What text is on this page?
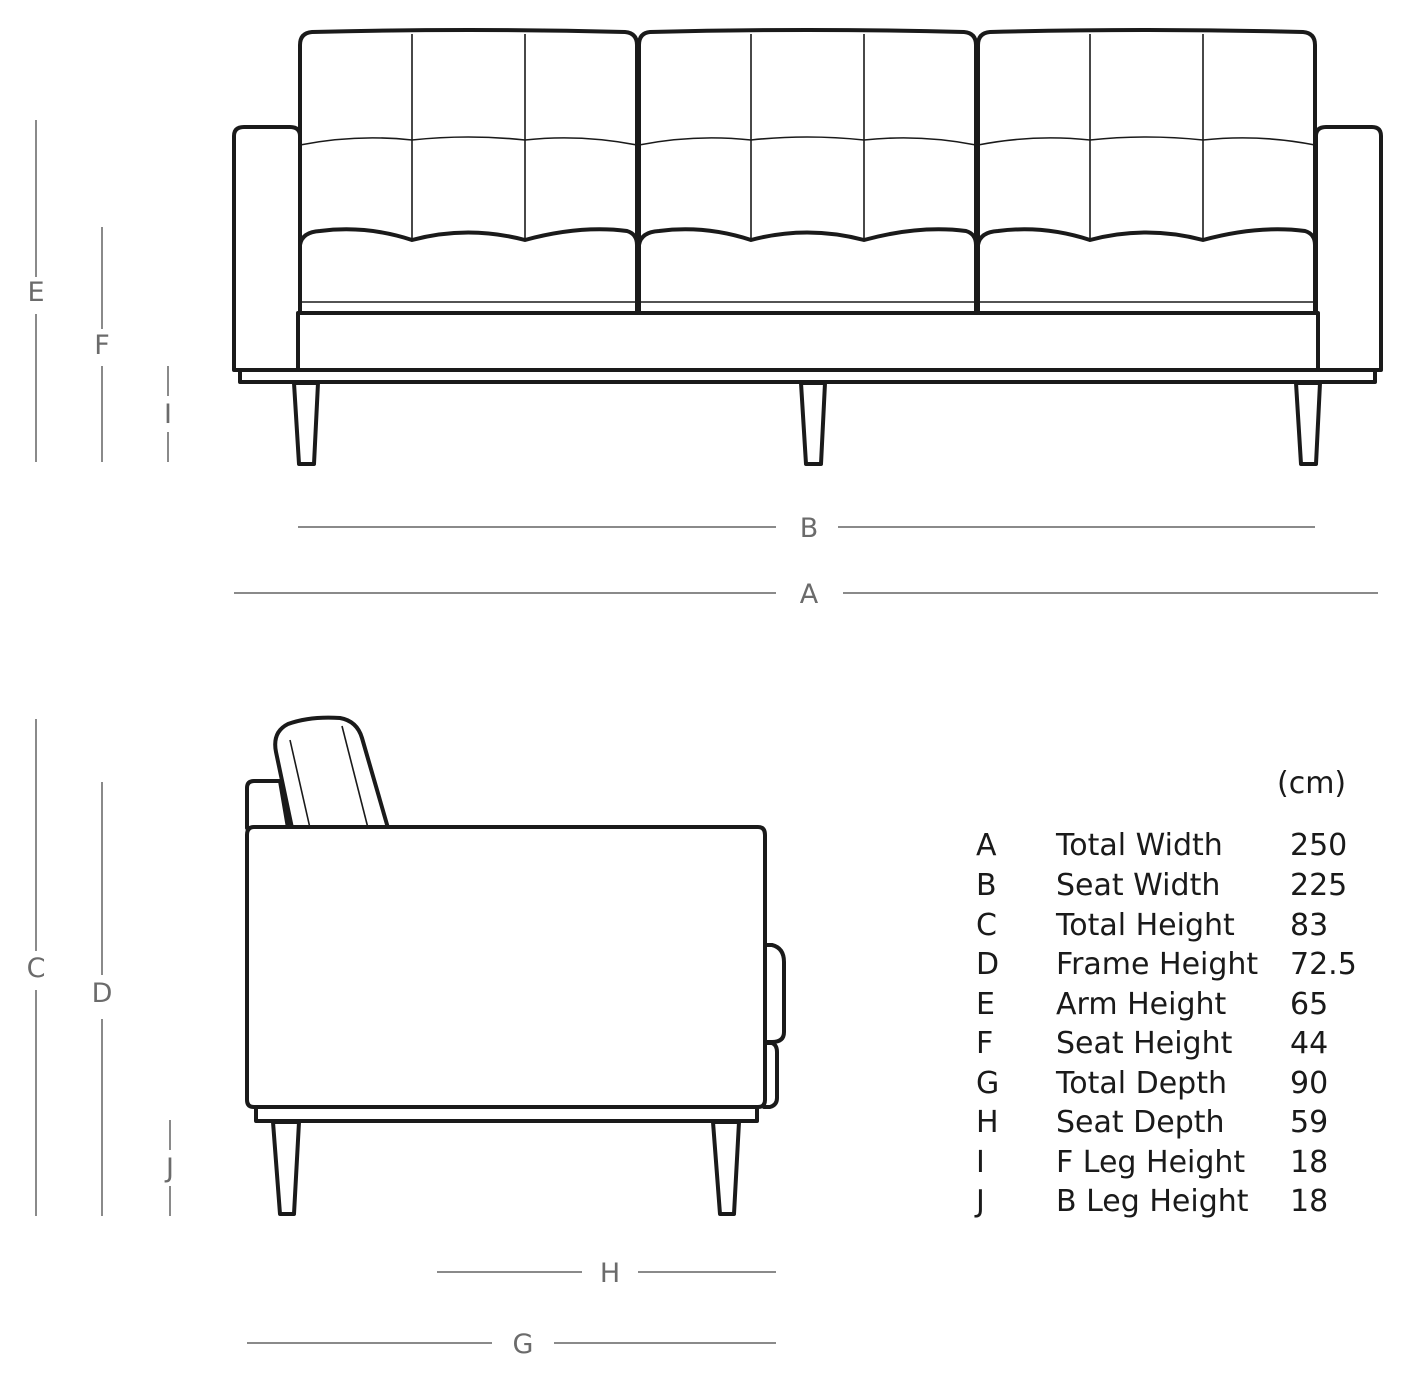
E
F
I
B
A
C
D
J
H
G
(cm)
A Total Width 250
B Seat Width 225
C Total Height 83
D Frame Height 72.5
E Arm Height 65
F Seat Height 44
G Total Depth 90
H Seat Depth 59
I F Leg Height 18
J B Leg Height 18
